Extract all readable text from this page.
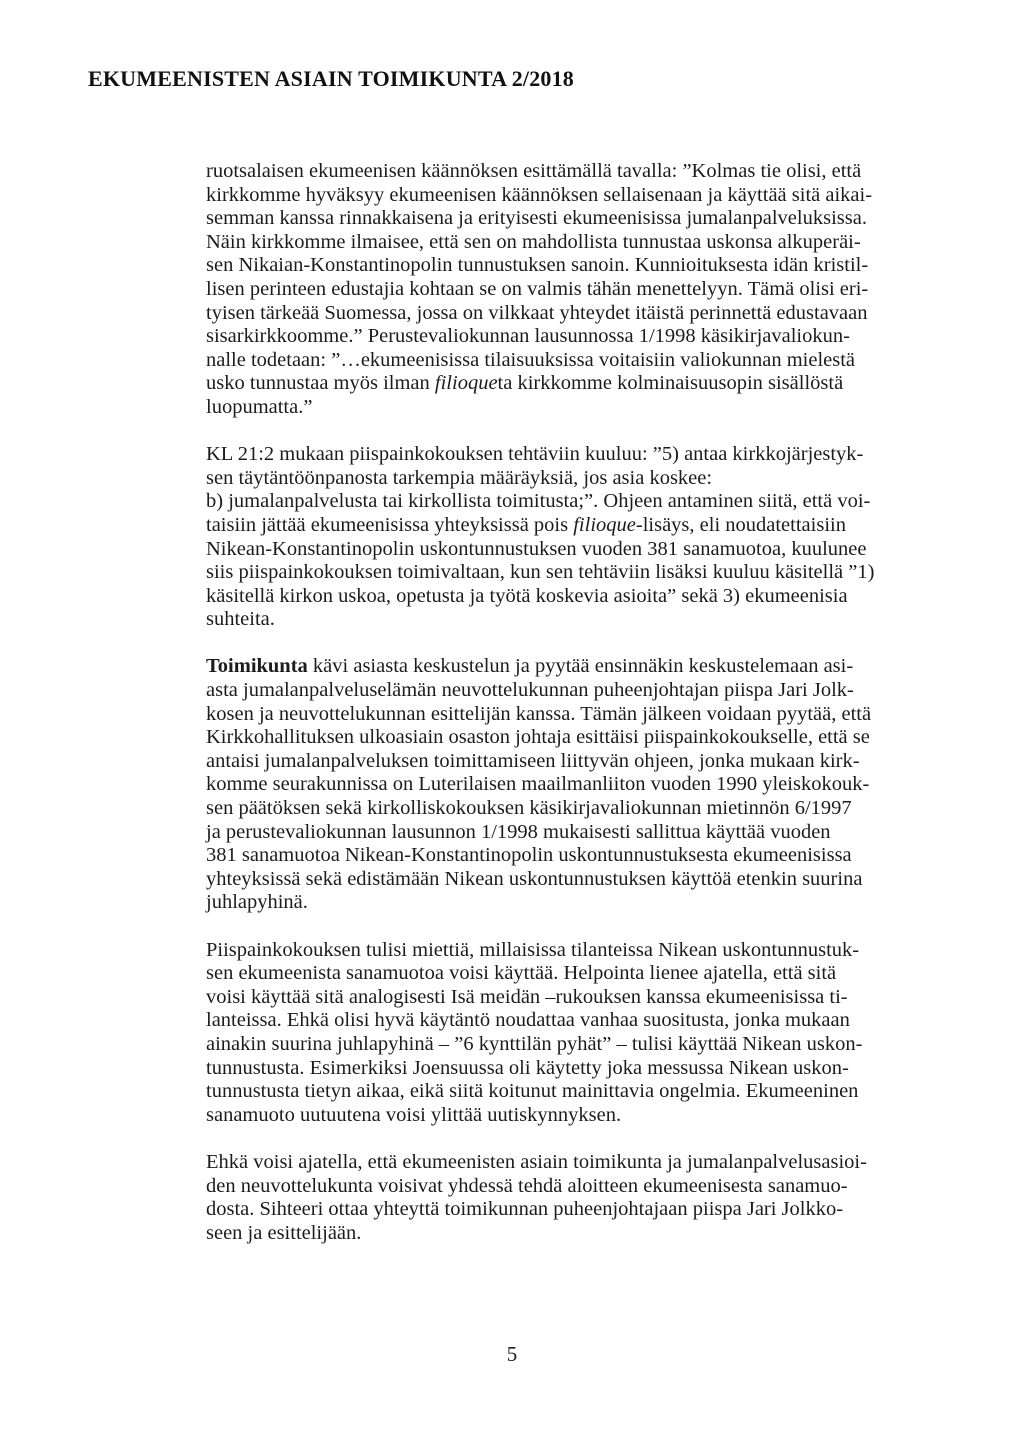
EKUMEENISTEN ASIAIN TOIMIKUNTA 2/2018

ruotsalaisen ekumeenisen käännöksen esittämällä tavalla: ”Kolmas tie olisi, että
kirkkomme hyväksyy ekumeenisen käännöksen sellaisenaan ja käyttää sitä aikai-
semman kanssa rinnakkaisena ja erityisesti ekumeenisissa jumalanpalveluksissa.
Näin kirkkomme ilmaisee, että sen on mahdollista tunnustaa uskonsa alkuperäi-
sen Nikaian-Konstantinopolin tunnustuksen sanoin. Kunnioituksesta idän kristil-
lisen perinteen edustajia kohtaan se on valmis tähän menettelyyn. Tämä olisi eri-
tyisen tärkeää Suomessa, jossa on vilkkaat yhteydet itäistä perinnettä edustavaan
sisarkirkkoomme.” Perustevaliokunnan lausunnossa 1/1998 käsikirjavaliokun-
nalle todetaan: ”…ekumeenisissa tilaisuuksissa voitaisiin valiokunnan mielestä
usko tunnustaa myös ilman filioqueta kirkkomme kolminaisuusopin sisällöstä
luopumatta.”

KL 21:2 mukaan piispainkokouksen tehtäviin kuuluu: ”5) antaa kirkkojärjestyk-
sen täytäntöönpanosta tarkempia määräyksiä, jos asia koskee:
b) jumalanpalvelusta tai kirkollista toimitusta;”. Ohjeen antaminen siitä, että voi-
taisiin jättää ekumeenisissa yhteyksissä pois filioque-lisäys, eli noudatettaisiin
Nikean-Konstantinopolin uskontunnustuksen vuoden 381 sanamuotoa, kuulunee
siis piispainkokouksen toimivaltaan, kun sen tehtäviin lisäksi kuuluu käsitellä ”1)
käsitellä kirkon uskoa, opetusta ja työtä koskevia asioita” sekä 3) ekumeenisia
suhteita.

Toimikunta kävi asiasta keskustelun ja pyytää ensinnäkin keskustelemaan asi-
asta jumalanpalveluselämän neuvottelukunnan puheenjohtajan piispa Jari Jolk-
kosen ja neuvottelukunnan esittelijän kanssa. Tämän jälkeen voidaan pyytää, että
Kirkkohallituksen ulkoasiain osaston johtaja esittäisi piispainkokoukselle, että se
antaisi jumalanpalveluksen toimittamiseen liittyvän ohjeen, jonka mukaan kirk-
komme seurakunnissa on Luterilaisen maailmanliiton vuoden 1990 yleiskokouk-
sen päätöksen sekä kirkolliskokouksen käsikirjavaliokunnan mietinnön 6/1997
ja perustevaliokunnan lausunnon 1/1998 mukaisesti sallittua käyttää vuoden
381 sanamuotoa Nikean-Konstantinopolin uskontunnustuksesta ekumeenisissa
yhteyksissä sekä edistämään Nikean uskontunnustuksen käyttöä etenkin suurina
juhlapyhinä.

Piispainkokouksen tulisi miettiä, millaisissa tilanteissa Nikean uskontunnustuk-
sen ekumeenista sanamuotoa voisi käyttää. Helpointa lienee ajatella, että sitä
voisi käyttää sitä analogisesti Isä meidän –rukouksen kanssa ekumeenisissa ti-
lanteissa. Ehkä olisi hyvä käytäntö noudattaa vanhaa suositusta, jonka mukaan
ainakin suurina juhlapyhinä – ”6 kynttilän pyhät” – tulisi käyttää Nikean uskon-
tunnustusta. Esimerkiksi Joensuussa oli käytetty joka messussa Nikean uskon-
tunnustusta tietyn aikaa, eikä siitä koitunut mainittavia ongelmia. Ekumeeninen
sanamuoto uutuutena voisi ylittää uutiskynnyksen.

Ehkä voisi ajatella, että ekumeenisten asiain toimikunta ja jumalanpalvelusasioi-
den neuvottelukunta voisivat yhdessä tehdä aloitteen ekumeenisesta sanamuo-
dosta. Sihteeri ottaa yhteyttä toimikunnan puheenjohtajaan piispa Jari Jolkko-
seen ja esittelijään.

5
